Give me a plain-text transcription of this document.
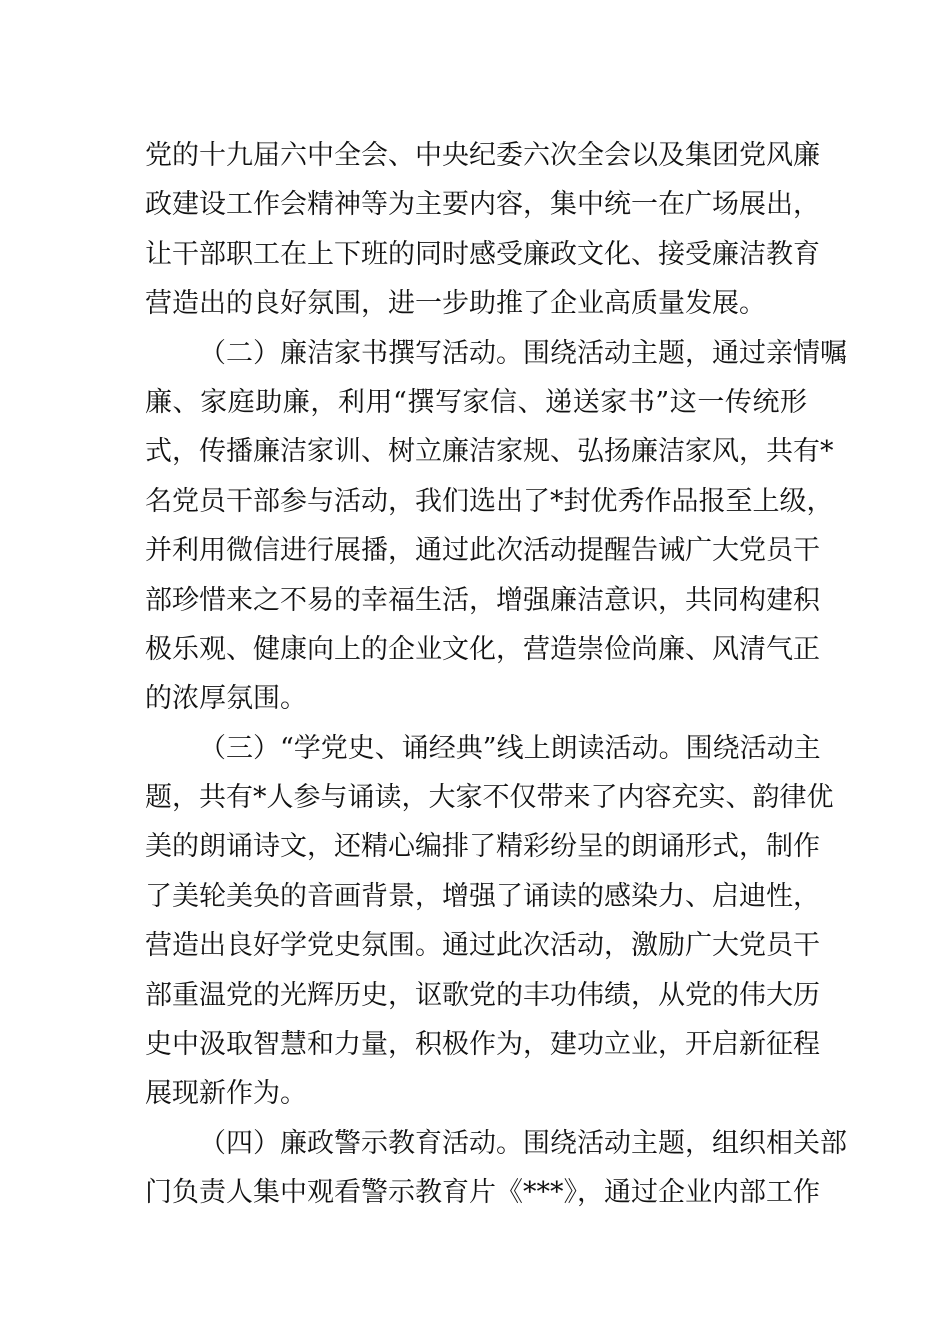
党的十九届六中全会、中央纪委六次全会以及集团党风廉
政建设工作会精神等为主要内容，集中统一在广场展出，
让干部职工在上下班的同时感受廉政文化、接受廉洁教育
营造出的良好氛围，进一步助推了企业高质量发展。
（二）廉洁家书撰写活动。围绕活动主题，通过亲情嘱
廉、家庭助廉，利用“撰写家信、递送家书”这一传统形
式，传播廉洁家训、树立廉洁家规、弘扬廉洁家风，共有*
名党员干部参与活动，我们选出了*封优秀作品报至上级，
并利用微信进行展播，通过此次活动提醒告诫广大党员干
部珍惜来之不易的幸福生活，增强廉洁意识，共同构建积
极乐观、健康向上的企业文化，营造崇俭尚廉、风清气正
的浓厚氛围。
（三）“学党史、诵经典”线上朗读活动。围绕活动主
题，共有*人参与诵读，大家不仅带来了内容充实、韵律优
美的朗诵诗文，还精心编排了精彩纷呈的朗诵形式，制作
了美轮美奂的音画背景，增强了诵读的感染力、启迪性，
营造出良好学党史氛围。通过此次活动，激励广大党员干
部重温党的光辉历史，讴歌党的丰功伟绩，从党的伟大历
史中汲取智慧和力量，积极作为，建功立业，开启新征程
展现新作为。
（四）廉政警示教育活动。围绕活动主题，组织相关部
门负责人集中观看警示教育片《***》，通过企业内部工作
